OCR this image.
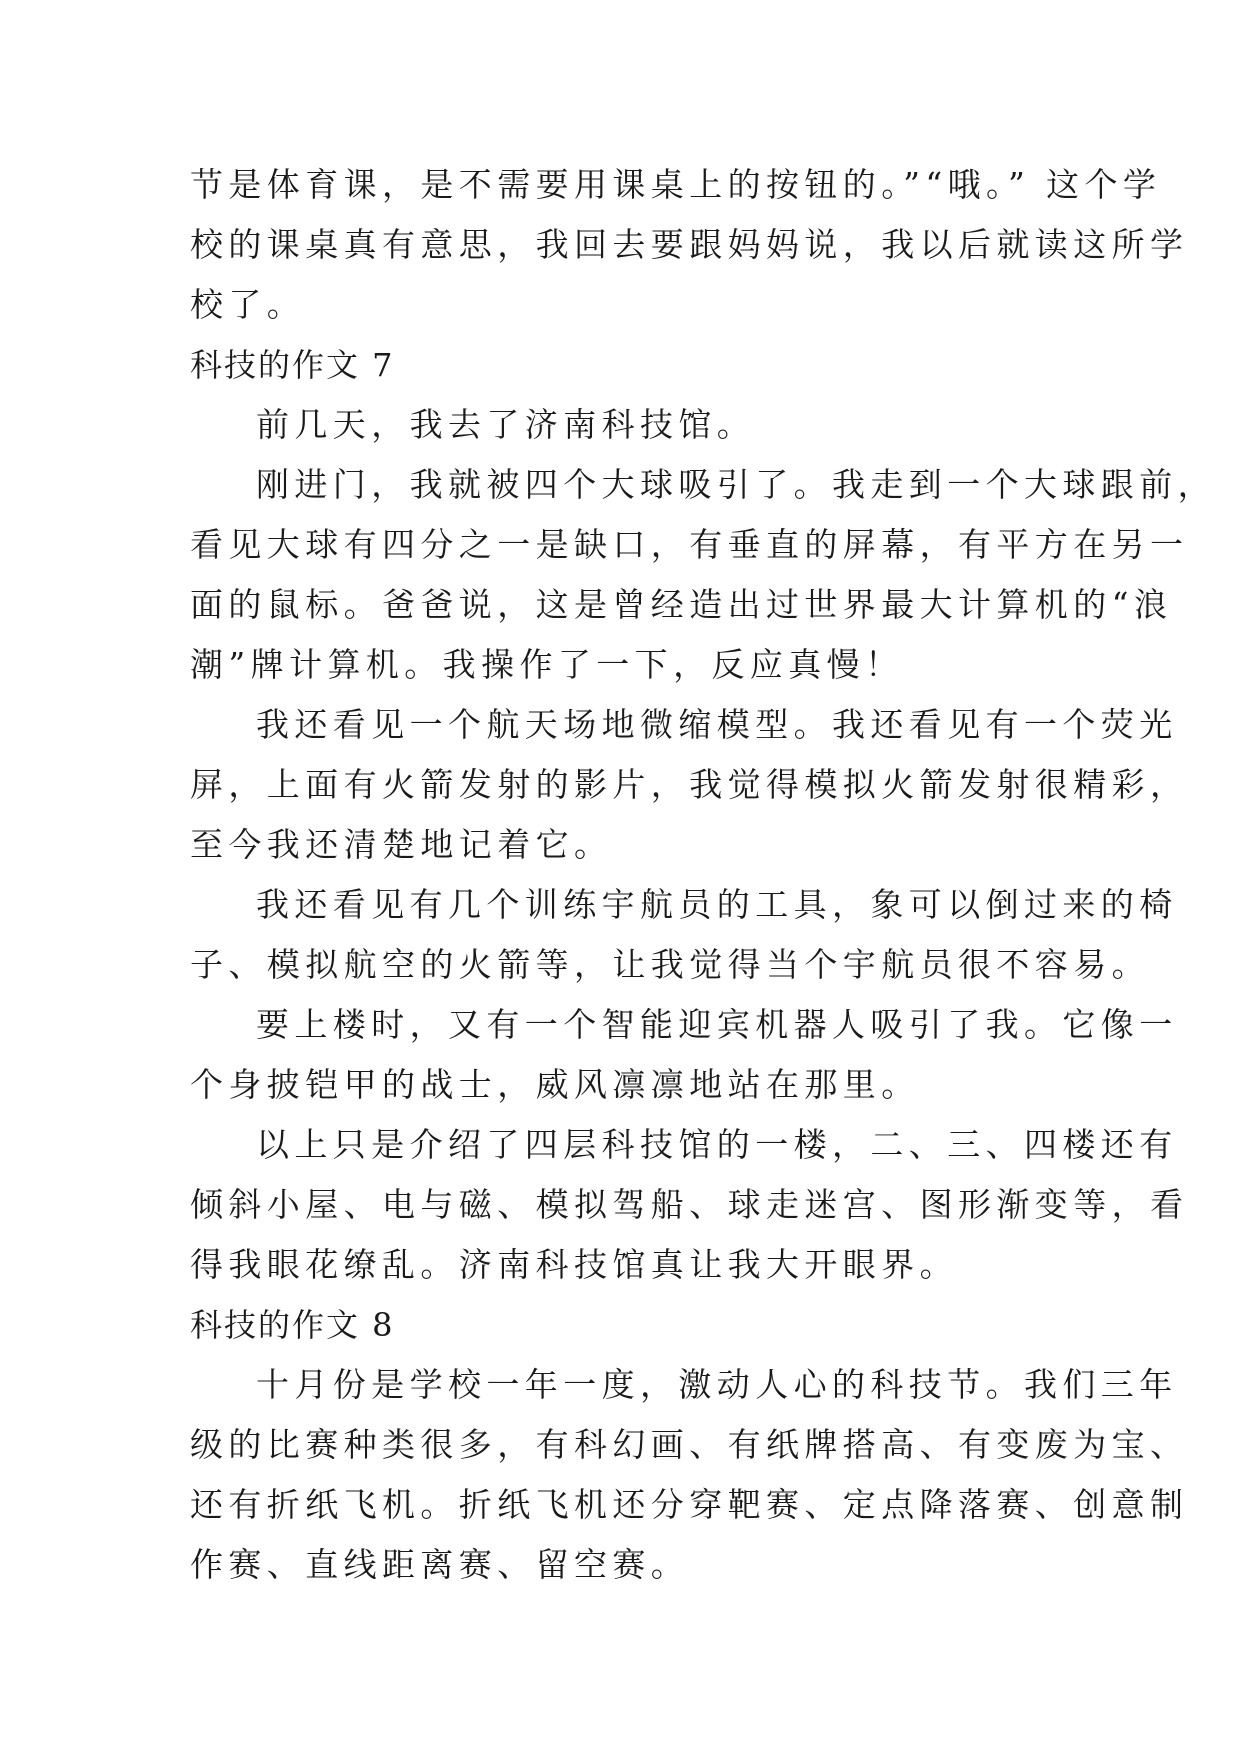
节是体育课，是不需要用课桌上的按钮的。”“哦。” 这个学
校的课桌真有意思，我回去要跟妈妈说，我以后就读这所学
校了。
科技的作文 7
前几天，我去了济南科技馆。
刚进门，我就被四个大球吸引了。我走到一个大球跟前，
看见大球有四分之一是缺口，有垂直的屏幕，有平方在另一
面的鼠标。爸爸说，这是曾经造出过世界最大计算机的“浪
潮”牌计算机。我操作了一下，反应真慢！
我还看见一个航天场地微缩模型。我还看见有一个荧光
屏，上面有火箭发射的影片，我觉得模拟火箭发射很精彩，
至今我还清楚地记着它。
我还看见有几个训练宇航员的工具，象可以倒过来的椅
子、模拟航空的火箭等，让我觉得当个宇航员很不容易。
要上楼时，又有一个智能迎宾机器人吸引了我。它像一
个身披铠甲的战士，威风凛凛地站在那里。
以上只是介绍了四层科技馆的一楼，二、三、四楼还有
倾斜小屋、电与磁、模拟驾船、球走迷宫、图形渐变等，看
得我眼花缭乱。济南科技馆真让我大开眼界。
科技的作文 8
十月份是学校一年一度，激动人心的科技节。我们三年
级的比赛种类很多，有科幻画、有纸牌搭高、有变废为宝、
还有折纸飞机。折纸飞机还分穿靶赛、定点降落赛、创意制
作赛、直线距离赛、留空赛。
